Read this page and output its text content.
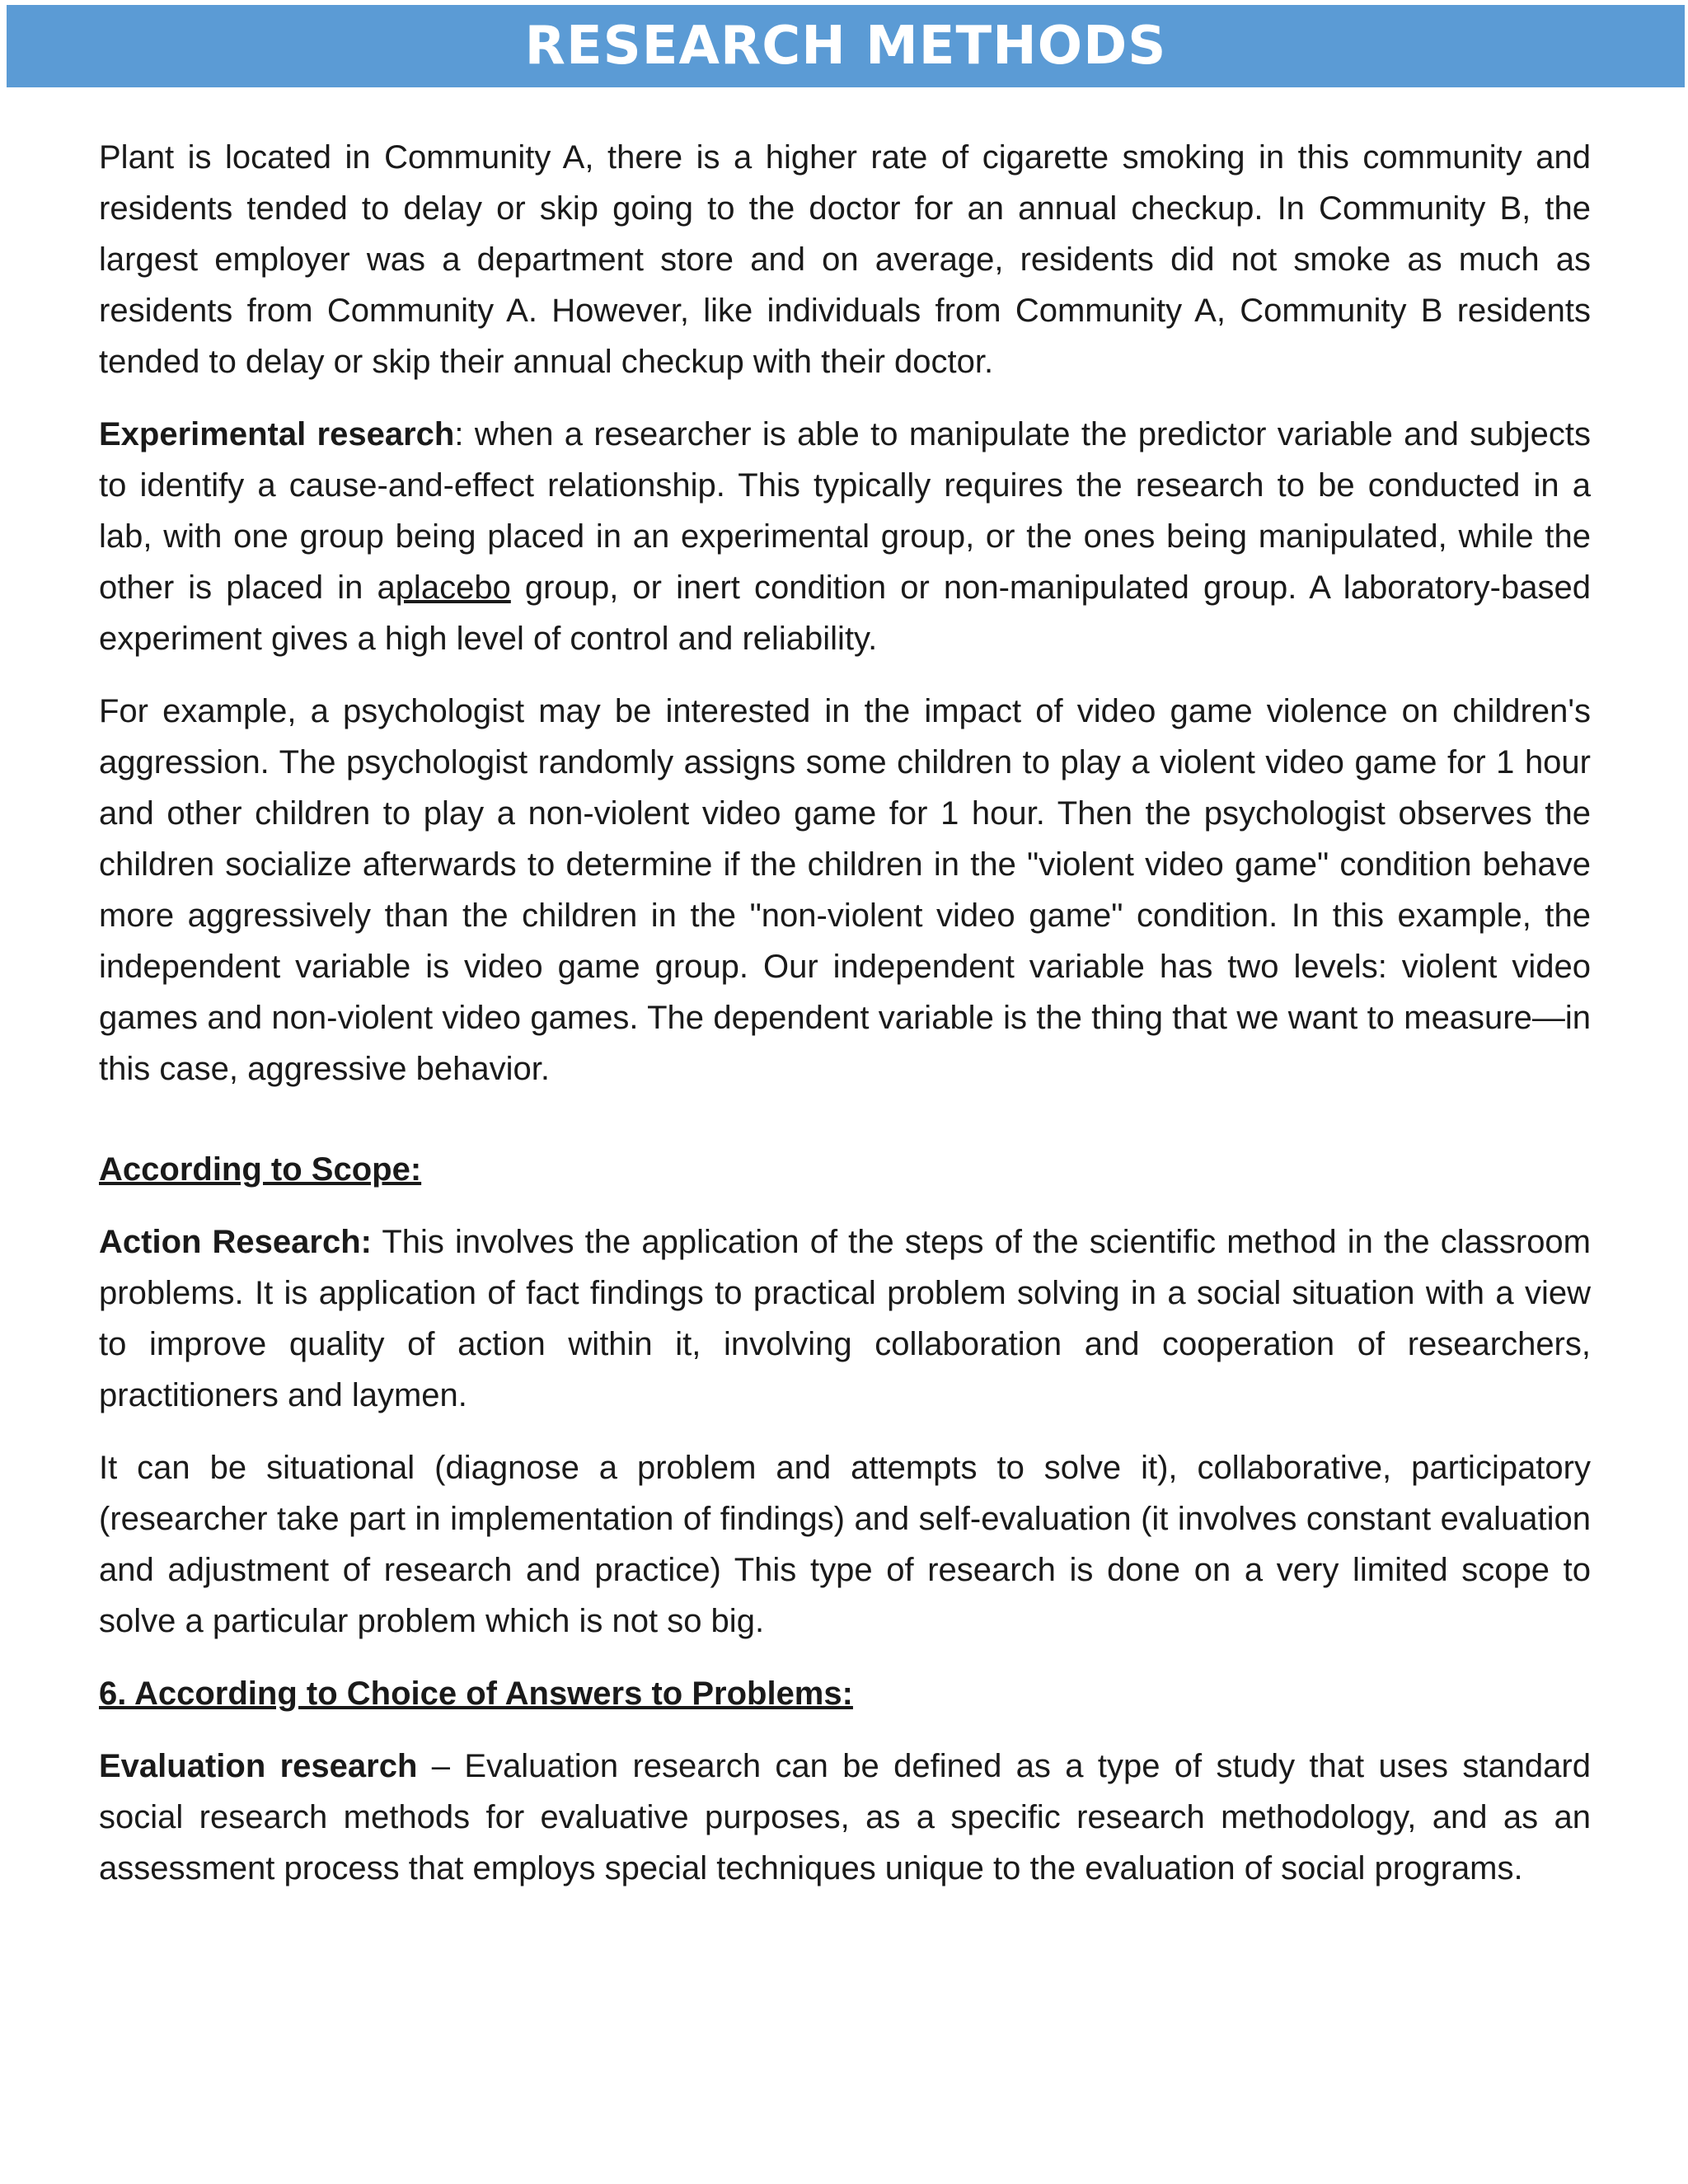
RESEARCH METHODS

Plant is located in Community A, there is a higher rate of cigarette smoking in this community and residents tended to delay or skip going to the doctor for an annual checkup. In Community B, the largest employer was a department store and on average, residents did not smoke as much as residents from Community A. However, like individuals from Community A, Community B residents tended to delay or skip their annual checkup with their doctor.

Experimental research: when a researcher is able to manipulate the predictor variable and subjects to identify a cause-and-effect relationship. This typically requires the research to be conducted in a lab, with one group being placed in an experimental group, or the ones being manipulated, while the other is placed in aplacebo group, or inert condition or non-manipulated group. A laboratory-based experiment gives a high level of control and reliability.

For example, a psychologist may be interested in the impact of video game violence on children's aggression. The psychologist randomly assigns some children to play a violent video game for 1 hour and other children to play a non-violent video game for 1 hour. Then the psychologist observes the children socialize afterwards to determine if the children in the "violent video game" condition behave more aggressively than the children in the "non-violent video game" condition. In this example, the independent variable is video game group. Our independent variable has two levels: violent video games and non-violent video games. The dependent variable is the thing that we want to measure—in this case, aggressive behavior.

According to Scope:

Action Research: This involves the application of the steps of the scientific method in the classroom problems. It is application of fact findings to practical problem solving in a social situation with a view to improve quality of action within it, involving collaboration and cooperation of researchers, practitioners and laymen.

It can be situational (diagnose a problem and attempts to solve it), collaborative, participatory (researcher take part in implementation of findings) and self-evaluation (it involves constant evaluation and adjustment of research and practice) This type of research is done on a very limited scope to solve a particular problem which is not so big.

6. According to Choice of Answers to Problems:

Evaluation research – Evaluation research can be defined as a type of study that uses standard social research methods for evaluative purposes, as a specific research methodology, and as an assessment process that employs special techniques unique to the evaluation of social programs.
